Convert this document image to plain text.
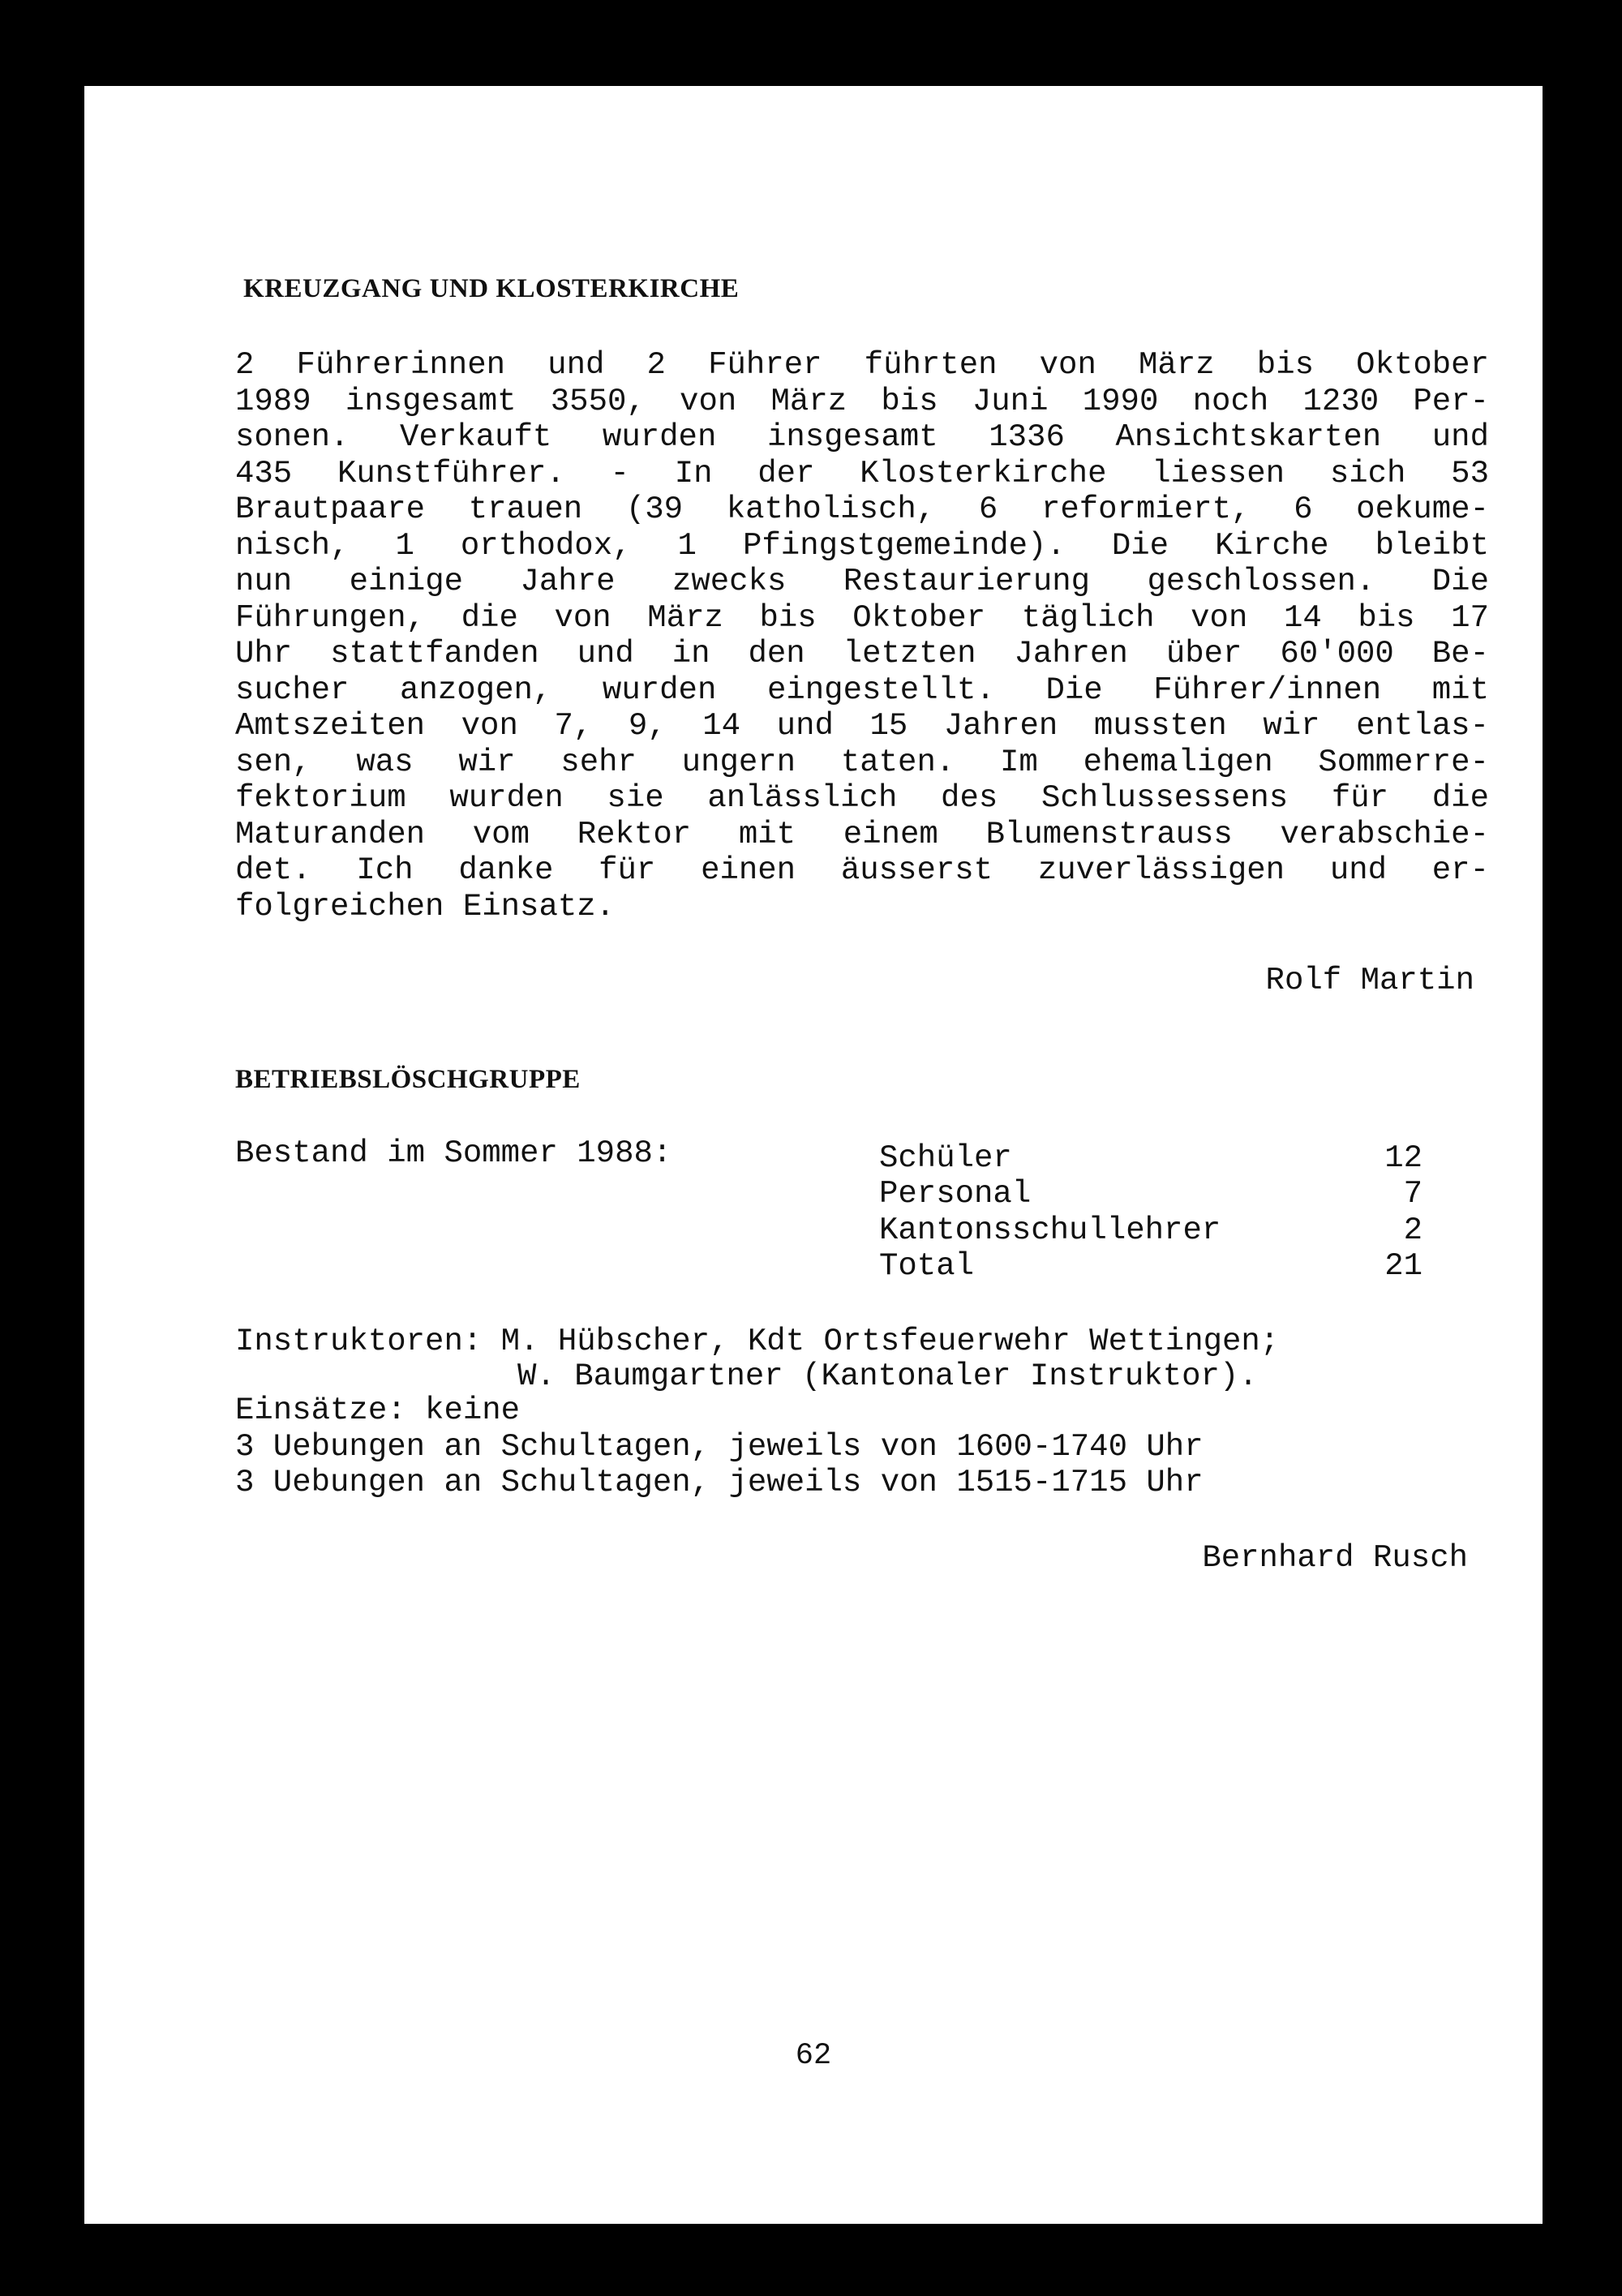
KREUZGANG UND KLOSTERKIRCHE
2 Führerinnen und 2 Führer führten von März bis Oktober
1989 insgesamt 3550, von März bis Juni 1990 noch 1230 Per-
sonen. Verkauft wurden insgesamt 1336 Ansichtskarten und
435 Kunstführer. - In der Klosterkirche liessen sich 53
Brautpaare trauen (39 katholisch, 6 reformiert, 6 oekume-
nisch, 1 orthodox, 1 Pfingstgemeinde). Die Kirche bleibt
nun einige Jahre zwecks Restaurierung geschlossen. Die
Führungen, die von März bis Oktober täglich von 14 bis 17
Uhr stattfanden und in den letzten Jahren über 60'000 Be-
sucher anzogen, wurden eingestellt. Die Führer/innen mit
Amtszeiten von 7, 9, 14 und 15 Jahren mussten wir entlas-
sen, was wir sehr ungern taten. Im ehemaligen Sommerre-
fektorium wurden sie anlässlich des Schlussessens für die
Maturanden vom Rektor mit einem Blumenstrauss verabschie-
det. Ich danke für einen äusserst zuverlässigen und er-
folgreichen Einsatz.
Rolf Martin
BETRIEBSLÖSCHGRUPPE
Bestand im Sommer 1988:	Schüler	12
Personal	7
Kantonsschullehrer	2
Total	21
Instruktoren: M. Hübscher, Kdt Ortsfeuerwehr Wettingen;
W. Baumgartner (Kantonaler Instruktor).
Einsätze: keine
3 Uebungen an Schultagen, jeweils von 1600-1740 Uhr
3 Uebungen an Schultagen, jeweils von 1515-1715 Uhr
Bernhard Rusch
62
